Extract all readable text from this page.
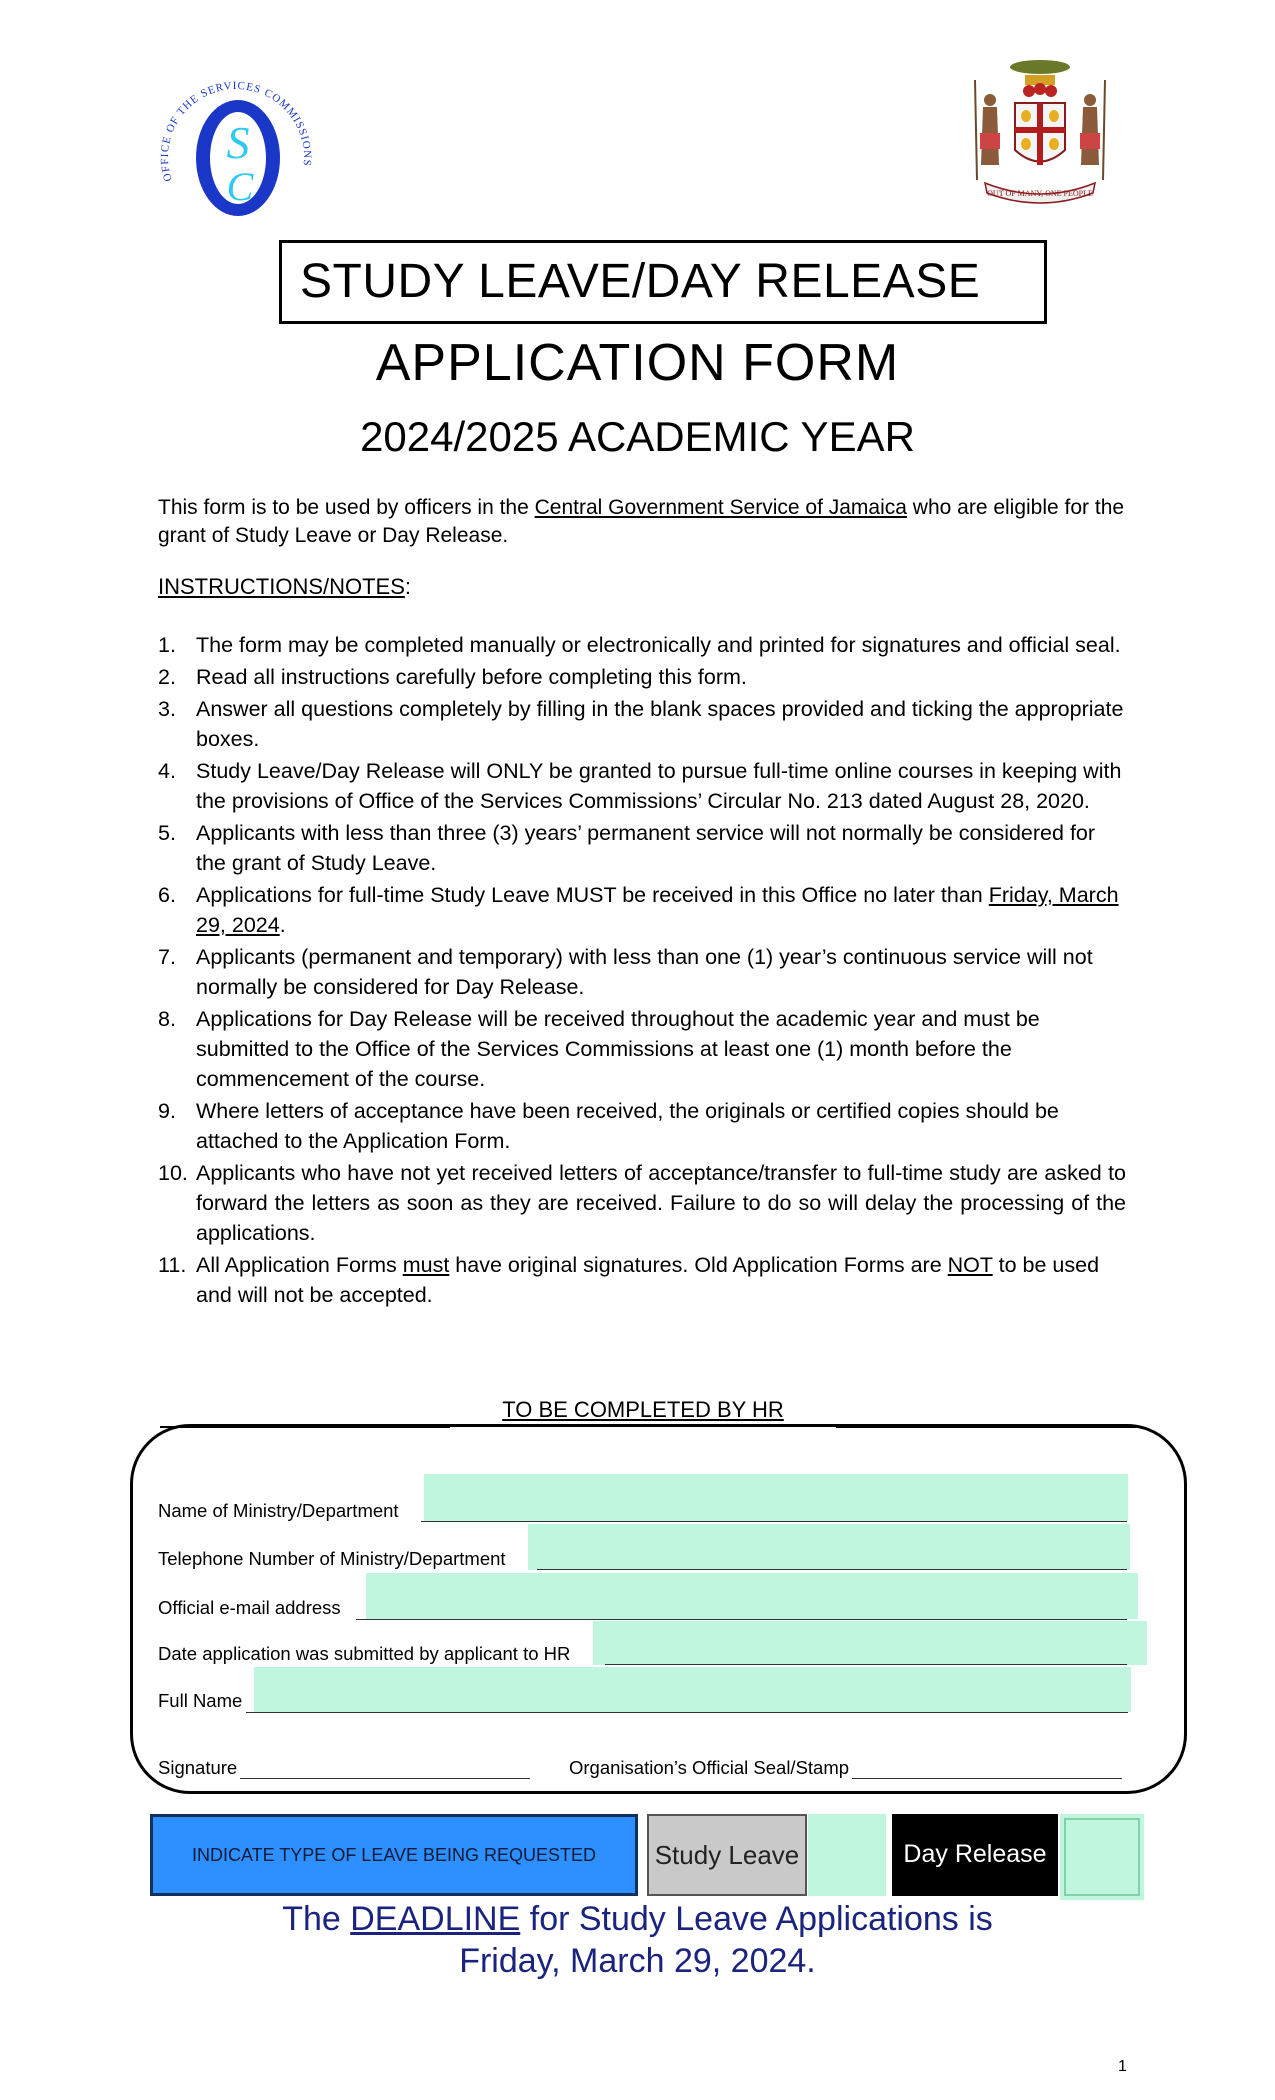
S
C
OFFICE OF THE SERVICES COMMISSIONS
OUT OF MANY, ONE PEOPLE
STUDY LEAVE/DAY RELEASE
APPLICATION FORM
2024/2025 ACADEMIC YEAR
This form is to be used by officers in the Central Government Service of Jamaica who are eligible for the grant of Study Leave or Day Release.
INSTRUCTIONS/NOTES:
1. The form may be completed manually or electronically and printed for signatures and official seal.
2. Read all instructions carefully before completing this form.
3. Answer all questions completely by filling in the blank spaces provided and ticking the appropriate boxes.
4. Study Leave/Day Release will ONLY be granted to pursue full-time online courses in keeping with the provisions of Office of the Services Commissions’ Circular No. 213 dated August 28, 2020.
5. Applicants with less than three (3) years’ permanent service will not normally be considered for the grant of Study Leave.
6. Applications for full-time Study Leave MUST be received in this Office no later than Friday, March 29, 2024.
7. Applicants (permanent and temporary) with less than one (1) year’s continuous service will not normally be considered for Day Release.
8. Applications for Day Release will be received throughout the academic year and must be submitted to the Office of the Services Commissions at least one (1) month before the commencement of the course.
9. Where letters of acceptance have been received, the originals or certified copies should be attached to the Application Form.
10. Applicants who have not yet received letters of acceptance/transfer to full-time study are asked to forward the letters as soon as they are received. Failure to do so will delay the processing of the applications.
11. All Application Forms must have original signatures. Old Application Forms are NOT to be used and will not be accepted.
TO BE COMPLETED BY HR
Name of Ministry/Department
Telephone Number of Ministry/Department
Official e-mail address
Date application was submitted by applicant to HR
Full Name
Signature	Organisation’s Official Seal/Stamp
INDICATE TYPE OF LEAVE BEING REQUESTED	Study Leave	Day Release
The DEADLINE for Study Leave Applications is
Friday, March 29, 2024.
1
